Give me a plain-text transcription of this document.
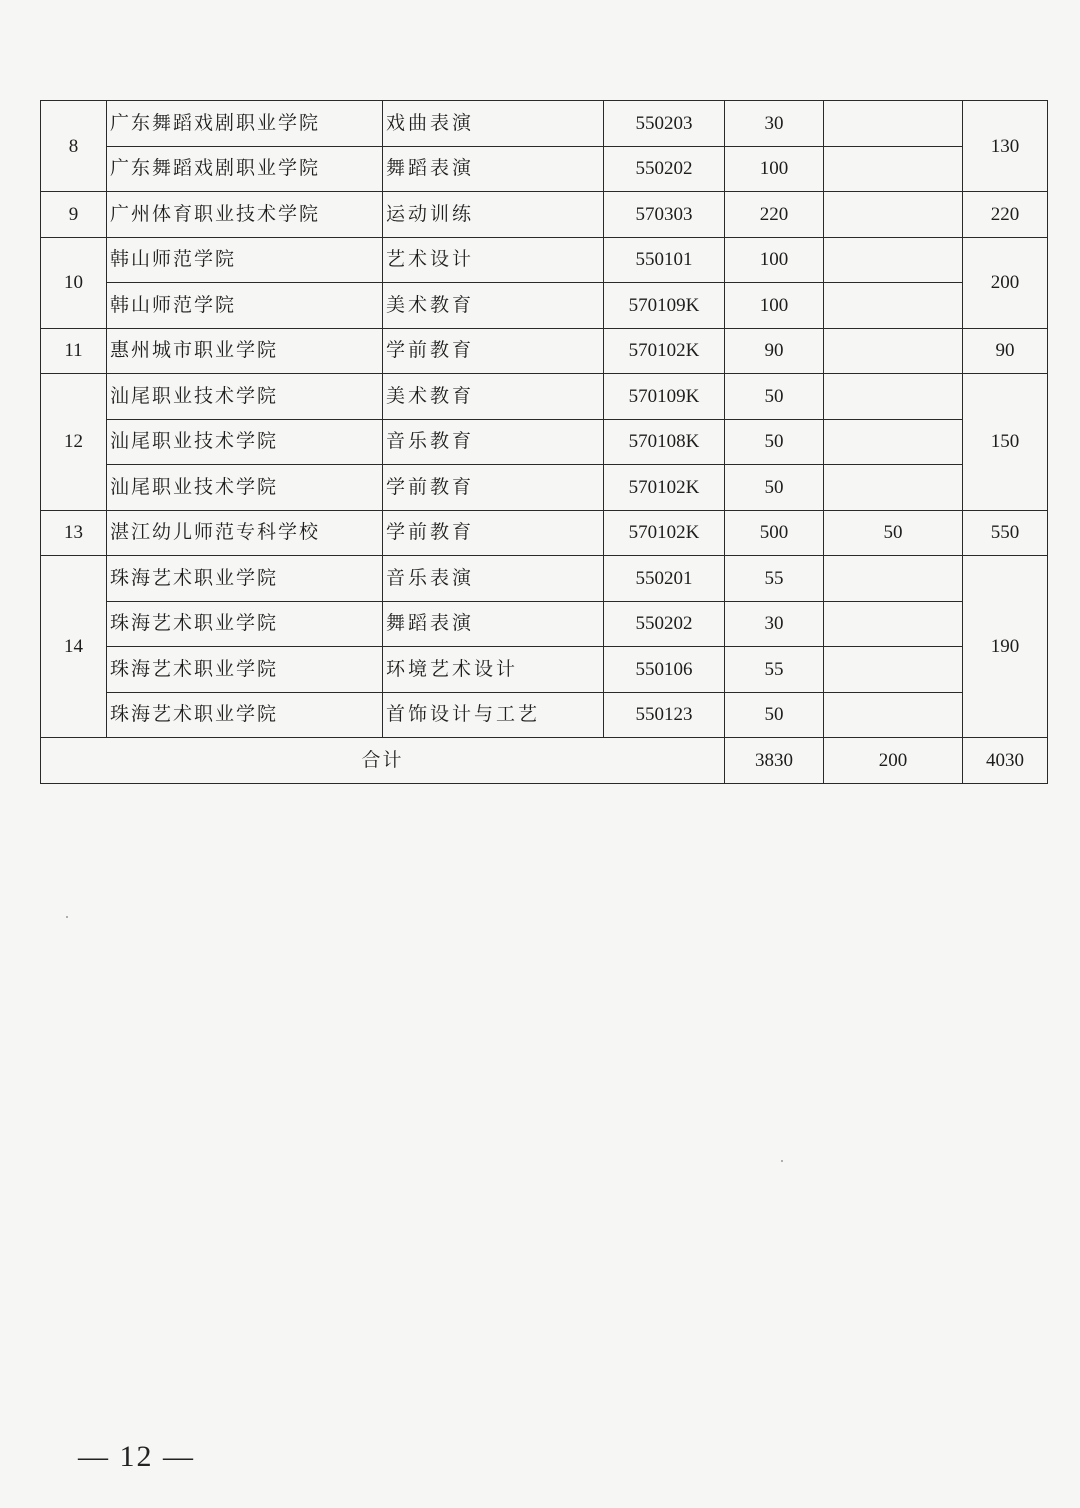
8	广东舞蹈戏剧职业学院	戏曲表演	550203	30		130
	广东舞蹈戏剧职业学院	舞蹈表演	550202	100		
9	广州体育职业技术学院	运动训练	570303	220		220
10	韩山师范学院	艺术设计	550101	100		200
	韩山师范学院	美术教育	570109K	100		
11	惠州城市职业学院	学前教育	570102K	90		90
12	汕尾职业技术学院	美术教育	570109K	50		150
	汕尾职业技术学院	音乐教育	570108K	50		
	汕尾职业技术学院	学前教育	570102K	50		
13	湛江幼儿师范专科学校	学前教育	570102K	500	50	550
14	珠海艺术职业学院	音乐表演	550201	55		190
	珠海艺术职业学院	舞蹈表演	550202	30		
	珠海艺术职业学院	环境艺术设计	550106	55		
	珠海艺术职业学院	首饰设计与工艺	550123	50		
合计				3830	200	4030
— 12 —
